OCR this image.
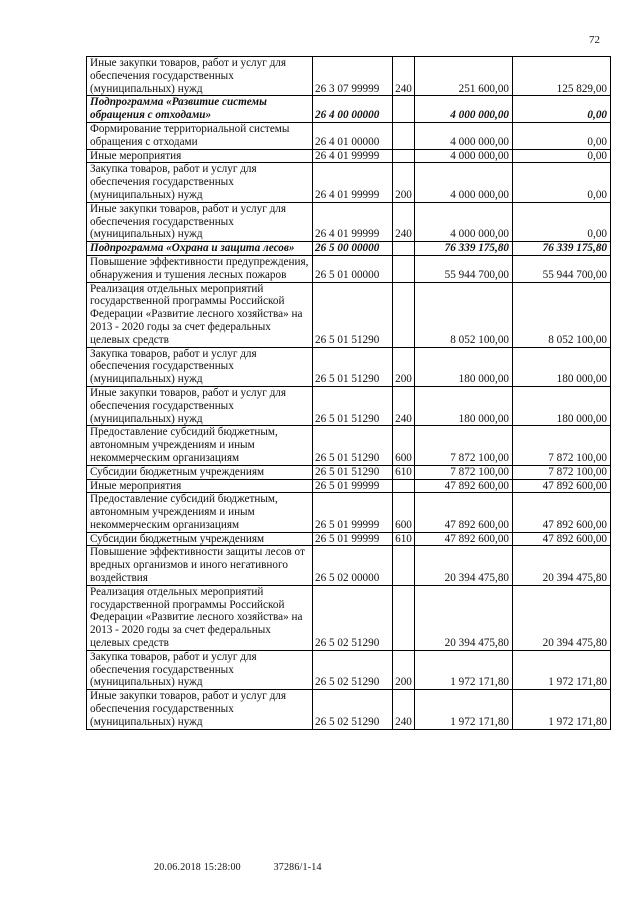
72
Иные закупки товаров, работ и услуг для обеспечения государственных (муниципальных) нужд	26 3 07 99999	240	251 600,00	125 829,00
Подпрограмма «Развитие системы обращения с отходами»	26 4 00 00000		4 000 000,00	0,00
Формирование территориальной системы обращения с отходами	26 4 01 00000		4 000 000,00	0,00
Иные мероприятия	26 4 01 99999		4 000 000,00	0,00
Закупка товаров, работ и услуг для обеспечения государственных (муниципальных) нужд	26 4 01 99999	200	4 000 000,00	0,00
Иные закупки товаров, работ и услуг для обеспечения государственных (муниципальных) нужд	26 4 01 99999	240	4 000 000,00	0,00
Подпрограмма «Охрана и защита лесов»	26 5 00 00000		76 339 175,80	76 339 175,80
Повышение эффективности предупреждения, обнаружения и тушения лесных пожаров	26 5 01 00000		55 944 700,00	55 944 700,00
Реализация отдельных мероприятий государственной программы Российской Федерации «Развитие лесного хозяйства» на 2013 - 2020 годы за счет федеральных целевых средств	26 5 01 51290		8 052 100,00	8 052 100,00
Закупка товаров, работ и услуг для обеспечения государственных (муниципальных) нужд	26 5 01 51290	200	180 000,00	180 000,00
Иные закупки товаров, работ и услуг для обеспечения государственных (муниципальных) нужд	26 5 01 51290	240	180 000,00	180 000,00
Предоставление субсидий бюджетным, автономным учреждениям и иным некоммерческим организациям	26 5 01 51290	600	7 872 100,00	7 872 100,00
Субсидии бюджетным учреждениям	26 5 01 51290	610	7 872 100,00	7 872 100,00
Иные мероприятия	26 5 01 99999		47 892 600,00	47 892 600,00
Предоставление субсидий бюджетным, автономным учреждениям и иным некоммерческим организациям	26 5 01 99999	600	47 892 600,00	47 892 600,00
Субсидии бюджетным учреждениям	26 5 01 99999	610	47 892 600,00	47 892 600,00
Повышение эффективности защиты лесов от вредных организмов и иного негативного воздействия	26 5 02 00000		20 394 475,80	20 394 475,80
Реализация отдельных мероприятий государственной программы Российской Федерации «Развитие лесного хозяйства» на 2013 - 2020 годы за счет федеральных целевых средств	26 5 02 51290		20 394 475,80	20 394 475,80
Закупка товаров, работ и услуг для обеспечения государственных (муниципальных) нужд	26 5 02 51290	200	1 972 171,80	1 972 171,80
Иные закупки товаров, работ и услуг для обеспечения государственных (муниципальных) нужд	26 5 02 51290	240	1 972 171,80	1 972 171,80
20.06.2018 15:28:00	37286/1-14
